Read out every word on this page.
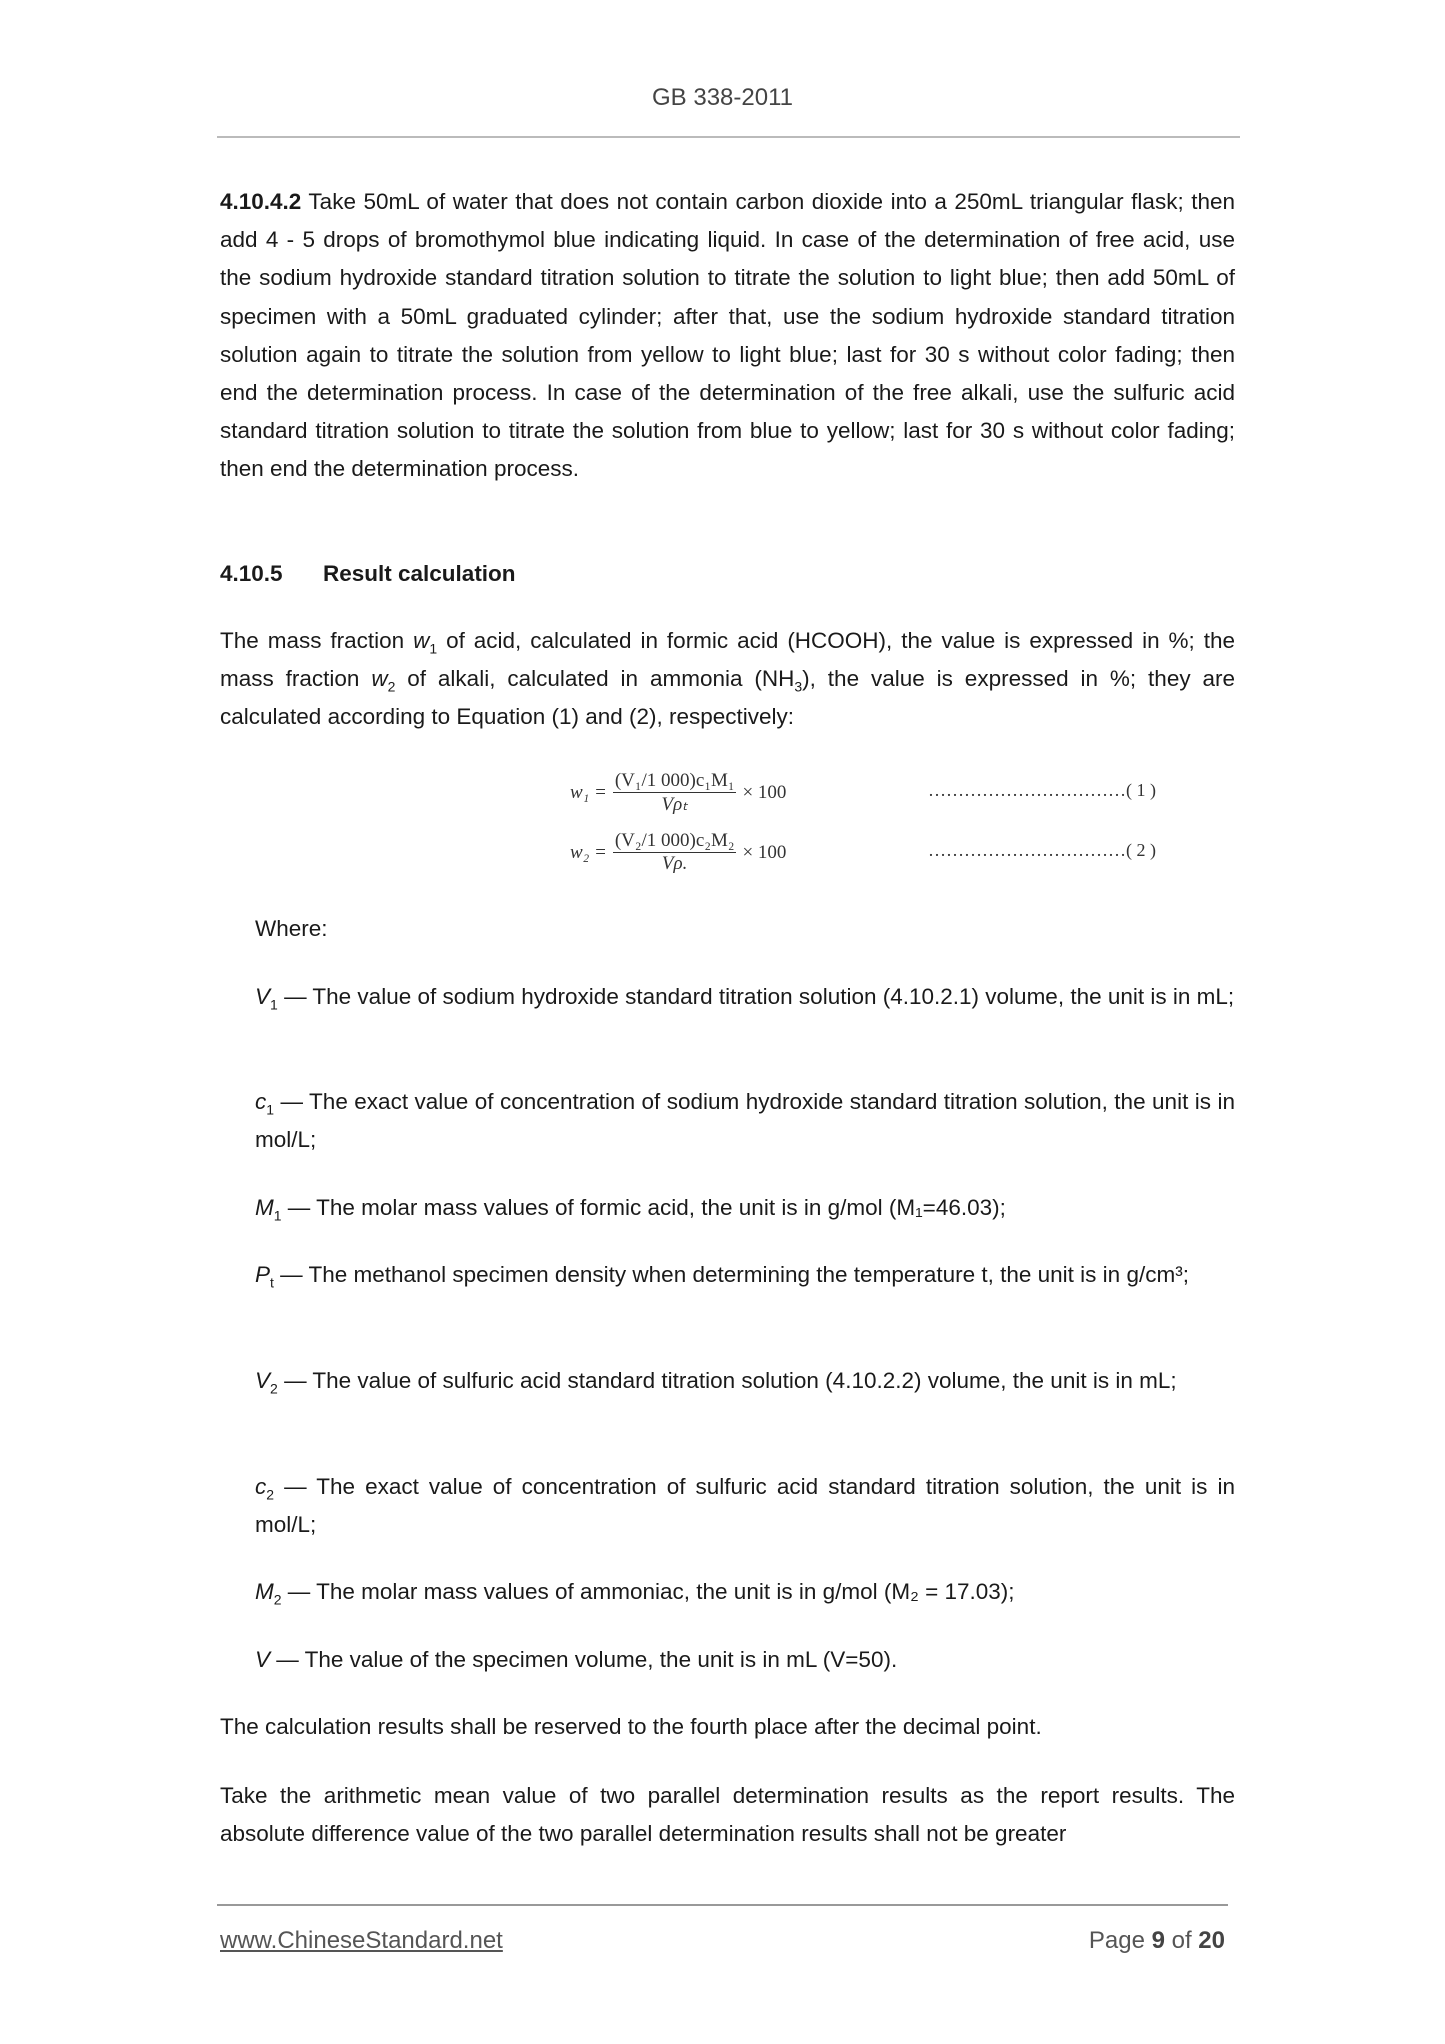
GB 338-2011
4.10.4.2 Take 50mL of water that does not contain carbon dioxide into a 250mL triangular flask; then add 4 - 5 drops of bromothymol blue indicating liquid. In case of the determination of free acid, use the sodium hydroxide standard titration solution to titrate the solution to light blue; then add 50mL of specimen with a 50mL graduated cylinder; after that, use the sodium hydroxide standard titration solution again to titrate the solution from yellow to light blue; last for 30 s without color fading; then end the determination process. In case of the determination of the free alkali, use the sulfuric acid standard titration solution to titrate the solution from blue to yellow; last for 30 s without color fading; then end the determination process.
4.10.5 Result calculation
The mass fraction $w_1$ of acid, calculated in formic acid (HCOOH), the value is expressed in %; the mass fraction $w_2$ of alkali, calculated in ammonia $(NH_3)$, the value is expressed in %; they are calculated according to Equation (1) and (2), respectively:
$w_1 = \frac{\text{(V₁/1 000)c₁M₁}}{\text{Vρₜ}} \times 100$	……………………………( 1 )
$w_2 = \frac{\text{(V₂/1 000)c₂M₂}}{V\rho.} \times 100$	……………………………( 2 )
Where:
$V_1$ — The value of sodium hydroxide standard titration solution (4.10.2.1) volume, the unit is in mL;
$c_1$ — The exact value of concentration of sodium hydroxide standard titration solution, the unit is in mol/L;
$M_1$ — The molar mass values of formic acid, the unit is in g/mol (M₁=46.03);
$P_t$ — The methanol specimen density when determining the temperature t, the unit is in g/cm³;
$V_2$ — The value of sulfuric acid standard titration solution (4.10.2.2) volume, the unit is in mL;
$c_2$ — The exact value of concentration of sulfuric acid standard titration solution, the unit is in mol/L;
$M_2$ — The molar mass values of ammoniac, the unit is in g/mol (M₂ = 17.03);
V — The value of the specimen volume, the unit is in mL (V=50).
The calculation results shall be reserved to the fourth place after the decimal point.
Take the arithmetic mean value of two parallel determination results as the report results. The absolute difference value of the two parallel determination results shall not be greater
www.ChineseStandard.net	Page 9 of 20
